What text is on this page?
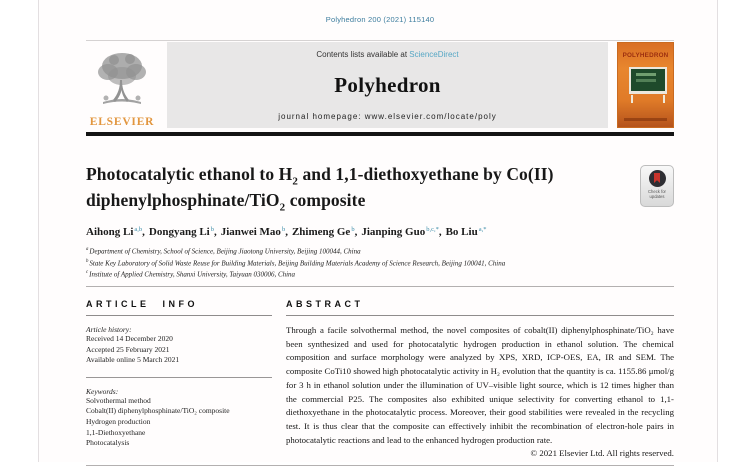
Polyhedron 200 (2021) 115140
ELSEVIER
Contents lists available at ScienceDirect
Polyhedron
journal homepage: www.elsevier.com/locate/poly
POLYHEDRON
Photocatalytic ethanol to $H_2$ and 1,1-diethoxyethane by Co(II) diphenylphosphinate/TiO$_2$ composite	Check for updates
Aihong Li$^{a,b}$, Dongyang Li$^b$, Jianwei Mao$^b$, Zhimeng Ge$^b$, Jianping Guo$^{b,c,*}$, Bo Liu$^{a,*}$
$^a$Department of Chemistry, School of Science, Beijing Jiaotong University, Beijing 100044, China
$^b$State Key Laboratory of Solid Waste Reuse for Building Materials, Beijing Building Materials Academy of Science Research, Beijing 100041, China
$^c$Institute of Applied Chemistry, Shanxi University, Taiyuan 030006, China
ARTICLE INFO
Article history:
Received 14 December 2020
Accepted 25 February 2021
Available online 5 March 2021
Keywords:
Solvothermal method
Cobalt(II) diphenylphosphinate/TiO₂ composite
Hydrogen production
1,1-Diethoxyethane
Photocatalysis
ABSTRACT
Through a facile solvothermal method, the novel composites of cobalt(II) diphenylphosphinate/TiO₂ have been synthesized and used for photocatalytic hydrogen production in ethanol solution. The chemical composition and surface morphology were analyzed by XPS, XRD, ICP-OES, EA, IR and SEM. The composite CoTi10 showed high photocatalytic activity in H₂ evolution that the quantity is ca. 1155.86 μmol/g for 3 h in ethanol solution under the illumination of UV–visible light source, which is 12 times higher than the commercial P25. The composites also exhibited unique selectivity for converting ethanol to 1,1-diethoxyethane in the photocatalytic process. Moreover, their good stabilities were revealed in the recycling test. It is thus clear that the composite can effectively inhibit the recombination of electron-hole pairs in photocatalytic reactions and lead to the enhanced hydrogen production rate.
© 2021 Elsevier Ltd. All rights reserved.
